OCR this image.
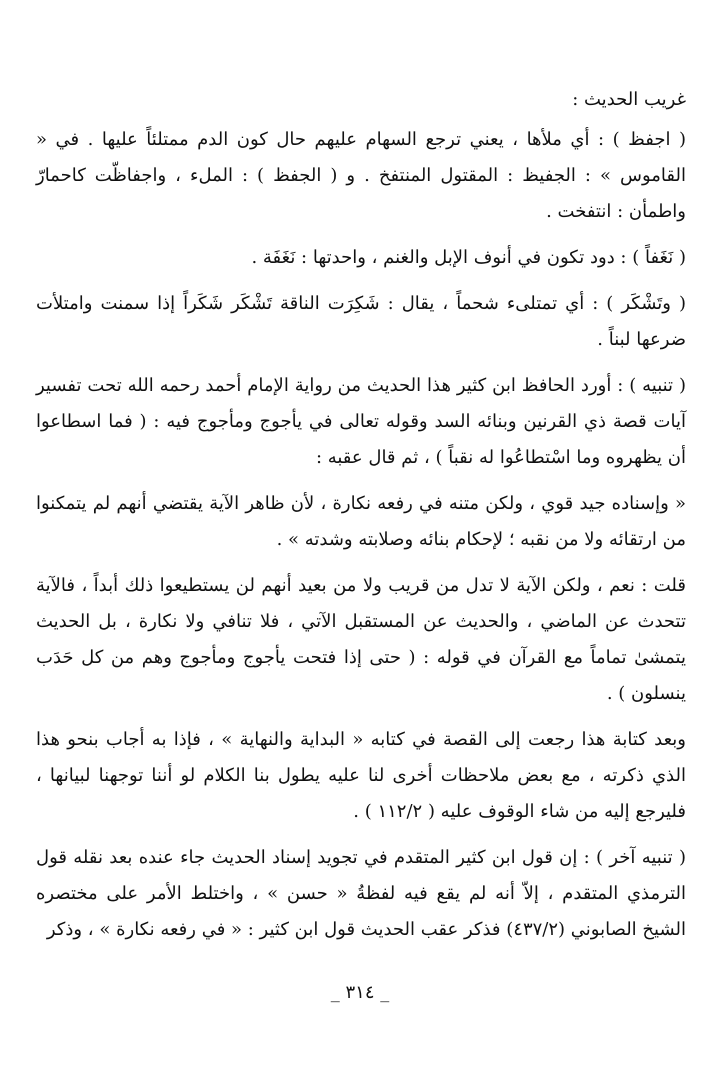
غريب الحديث :

( اجفظ ) : أي ملأها ، يعني ترجع السهام عليهم حال كون الدم ممتلئاً عليها . في « القاموس » : الجفيظ : المقتول المنتفخ . و ( الجفظ ) : الملء ، واجفاظّت كاحمارّ واطمأن : انتفخت .

( نَغَفاً ) : دود تكون في أنوف الإبل والغنم ، واحدتها : نَغَفَة .

( وتَشْكَر ) : أي تمتلىء شحماً ، يقال : شَكِرَت الناقة تَشْكَر شَكَراً إذا سمنت وامتلأت ضرعها لبناً .

( تنبيه ) : أورد الحافظ ابن كثير هذا الحديث من رواية الإمام أحمد رحمه الله تحت تفسير آيات قصة ذي القرنين وبنائه السد وقوله تعالى في يأجوج ومأجوج فيه : ( فما اسطاعوا أن يظهروه وما اسْتطاعُوا له نقباً ) ، ثم قال عقبه :

« وإسناده جيد قوي ، ولكن متنه في رفعه نكارة ، لأن ظاهر الآية يقتضي أنهم لم يتمكنوا من ارتقائه ولا من نقبه ؛ لإحكام بنائه وصلابته وشدته » .

قلت : نعم ، ولكن الآية لا تدل من قريب ولا من بعيد أنهم لن يستطيعوا ذلك أبداً ، فالآية تتحدث عن الماضي ، والحديث عن المستقبل الآتي ، فلا تنافي ولا نكارة ، بل الحديث يتمشىٰ تماماً مع القرآن في قوله : ( حتى إذا فتحت يأجوج ومأجوج وهم من كل حَدَب ينسلون ) .

وبعد كتابة هذا رجعت إلى القصة في كتابه « البداية والنهاية » ، فإذا به أجاب بنحو هذا الذي ذكرته ، مع بعض ملاحظات أخرى لنا عليه يطول بنا الكلام لو أننا توجهنا لبيانها ، فليرجع إليه من شاء الوقوف عليه ( ١١٢/٢ ) .

( تنبيه آخر ) : إن قول ابن كثير المتقدم في تجويد إسناد الحديث جاء عنده بعد نقله قول الترمذي المتقدم ، إلاّ أنه لم يقع فيه لفظةُ « حسن » ، واختلط الأمر على مختصره الشيخ الصابوني (٤٣٧/٢) فذكر عقب الحديث قول ابن كثير : « في رفعه نكارة » ، وذكر

_ ٣١٤ _
